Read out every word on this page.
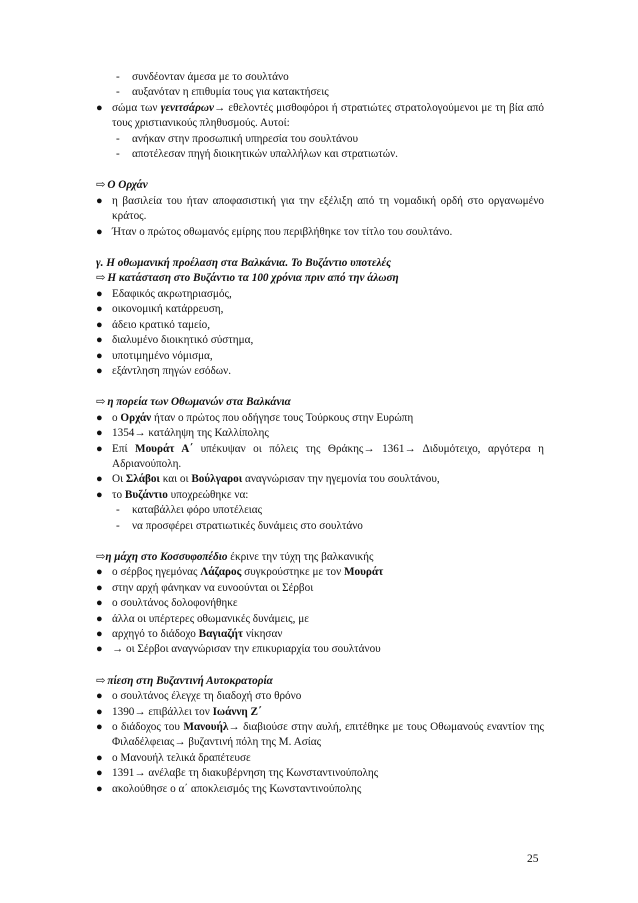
-	συνδέονταν άμεσα με το σουλτάνο
-	αυξανόταν η επιθυμία τους για κατακτήσεις
● σώμα των γενιτσάρων→ εθελοντές μισθοφόροι ή στρατιώτες στρατολογούμενοι με τη βία από τους χριστιανικούς πληθυσμούς. Αυτοί:
-	ανήκαν στην προσωπική υπηρεσία του σουλτάνου
-	αποτέλεσαν πηγή διοικητικών υπαλλήλων και στρατιωτών.
⇨ Ο Ορχάν
● η βασιλεία του ήταν αποφασιστική για την εξέλιξη από τη νομαδική ορδή στο οργανωμένο κράτος.
● Ήταν ο πρώτος οθωμανός εμίρης που περιβλήθηκε τον τίτλο του σουλτάνο.
γ. Η οθωμανική προέλαση στα Βαλκάνια. Το Βυζάντιο υποτελές
⇨ Η κατάσταση στο Βυζάντιο τα 100 χρόνια πριν από την άλωση
● Εδαφικός ακρωτηριασμός,
● οικονομική κατάρρευση,
● άδειο κρατικό ταμείο,
● διαλυμένο διοικητικό σύστημα,
● υποτιμημένο νόμισμα,
● εξάντληση πηγών εσόδων.
⇨ η πορεία των Οθωμανών στα Βαλκάνια
● ο Ορχάν ήταν ο πρώτος που οδήγησε τους Τούρκους στην Ευρώπη
● 1354→ κατάληψη της Καλλίπολης
● Επί Μουράτ Α΄ υπέκυψαν οι πόλεις της Θράκης→ 1361→ Διδυμότειχο, αργότερα η Αδριανούπολη.
● Οι Σλάβοι και οι Βούλγαροι αναγνώρισαν την ηγεμονία του σουλτάνου,
● το Βυζάντιο υποχρεώθηκε να:
-	καταβάλλει φόρο υποτέλειας
-	να προσφέρει στρατιωτικές δυνάμεις στο σουλτάνο
⇨η μάχη στο Κοσσυφοπέδιο έκρινε την τύχη της βαλκανικής
● ο σέρβος ηγεμόνας Λάζαρος συγκρούστηκε με τον Μουράτ
● στην αρχή φάνηκαν να ευνοούνται οι Σέρβοι
● ο σουλτάνος δολοφονήθηκε
● άλλα οι υπέρτερες οθωμανικές δυνάμεις, με
● αρχηγό το διάδοχο Βαγιαζήτ νίκησαν
● → οι Σέρβοι αναγνώρισαν την επικυριαρχία του σουλτάνου
⇨ πίεση στη Βυζαντινή Αυτοκρατορία
● ο σουλτάνος έλεγχε τη διαδοχή στο θρόνο
● 1390→ επιβάλλει τον Ιωάννη Ζ΄
● ο διάδοχος του Μανουήλ→ διαβιούσε στην αυλή, επιτέθηκε με τους Οθωμανούς εναντίον της Φιλαδέλφειας→ βυζαντινή πόλη της Μ. Ασίας
● ο Μανουήλ τελικά δραπέτευσε
● 1391→ ανέλαβε τη διακυβέρνηση της Κωνσταντινούπολης
● ακολούθησε ο α΄ αποκλεισμός της Κωνσταντινούπολης
25
